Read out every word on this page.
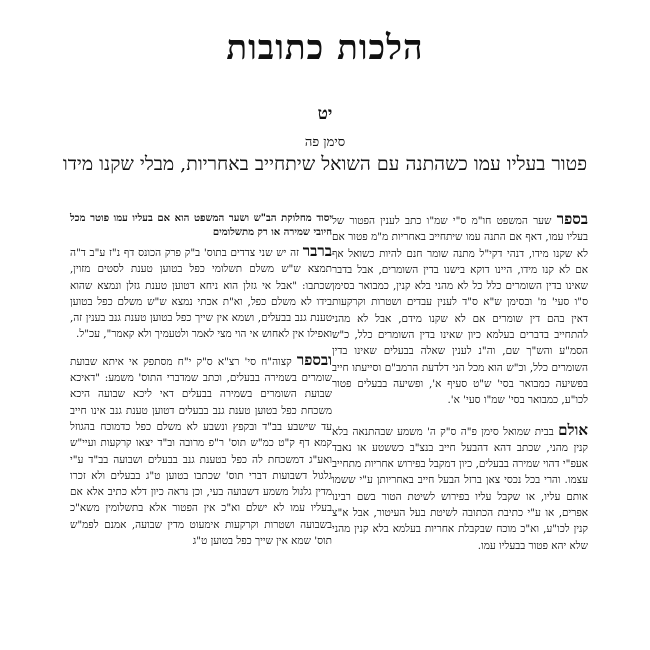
הלכות כתובות
יט
סימן פה
פטור בעליו עמו כשהתנה עם השואל שיתחייב באחריות, מבלי שקנו מידו

בספר שער המשפט חו"מ ס"י שמ"ו כתב לענין הפטור של בעליו עמו, דאף אם התנה עמו שיתחייב באחריות מ"מ פטור אם לא שקנו מידו, דנהי דקי"ל מתנה שומר חנם להיות כשואל אף אם לא קנו מידו, היינו דוקא בישנו בדין השומרים, אבל בדבר שאינו בדין השומרים כלל כל לא מהני בלא קנין, כמבואר בסימן ס"ו סעי' מ' ובסימן ש"א ס"ד לענין עבדים ושטרות וקרקעות דאין בהם דין שומרים אם לא שקנו מידם, אבל לא מהני להתחייב בדברים בעלמא כיון שאינו בדין השומרים כלל, כ"ש הסמ"ע והש"ך שם, וה"נ לענין שאלה בבעלים שאינו בדין השומרים כלל, וכ"ש הוא מכל הני דלדעת הרמב"ם וסייעתו חייב בפשיעה כמבואר בסי' ש"ט סעיף א', ופשיעה בבעלים פטור לכו"ע, כמבואר בסי' שמ"ו סעי' א'.

אולם בבית שמואל סימן פ"ה ס"ק ה' משמע שבהתנאה בלא קנין מהני, שכתב דהא דהבעל חייב בנצ"ב כששטע או נאבד אעפ"י דהוי שמירה בבעלים, כיון דמקבל בפירוש אחריות מתחייב עצמו. והרי בכל נכסי צאן ברזל הבעל חייב באחריותן ע"י ששמו אותם עליו, או שקבל עליו בפירוש לשיטת הטור בשם רבינו אפרים, או ע"י כתיבת הכתובה לשיטת בעל העיטור, אבל א"צ קנין לכו"ע, וא"כ מוכח שבקבלת אחריות בעלמא בלא קנין מהני שלא יהא פטור בבעליו עמו.

יסוד מחלוקת הב"ש ושער המשפט הוא אם בעליו עמו פוטר מכל חיובי שמירה או רק מתשלומים

ברבר זה יש שני צדדים בתוס' ב"ק פרק הכונס דף נ"ז ע"ב ד"ה תמצא ש"ש משלם תשלומי כפל בטוען טענת לסטים מזוין, שכתבו: "אבל אי גזלן הוא ניחא דטוען טענת גזלן ונמצא שהוא בידו לא משלם כפל, וא"ת אכתי נמצא ש"ש משלם כפל בטוען טענת גנב בבעלים, ושמא אין שייך כפל בטוען טענת גנב בענין זה, ואפילו אין לאחוש אי הוי מצי לאמר ולטעמיך ולא קאמר", עכ"ל.

ובספר קצוה"ח סי' רצ"א ס"ק י"ח מסתפק אי איתא שבועת שומרים בשמירה בבעלים, וכתב שמדברי התוס' משמע: "דאיכא שבועת השומרים בשמירה בבעלים דאי ליכא שבועה היכא משכחת כפל בטוען טענת גנב בבעלים דטוען טענת גנב אינו חייב עד שישבע בב"ד ובקפץ ונשבע לא משלם כפל כדמוכח בהגוזל קמא דף ק"ט כמ"ש תוס' ר"פ מרובה וב"ד יצאו קרקעות ועיי"ש ואע"ג דמשכחת לה כפל בטענת גנב בבעלים ושבועה בב"ד ע"י גלגול דשבועות דברי תוס' שכתבו בטוען ט"ג בבעלים ולא זכרו מדין גלגול משמע דשבועה בעי, וכן נראה כיון דלא כתיב אלא אם בעליו עמו לא ישלם וא"כ אין הפטור אלא בתשלומין משא"כ בשבועה ושטרות וקרקעות אימעוט מדין שבועה, אמנם לפמ"ש תוס' שמא אין שייך כפל בטוען ט"ג
